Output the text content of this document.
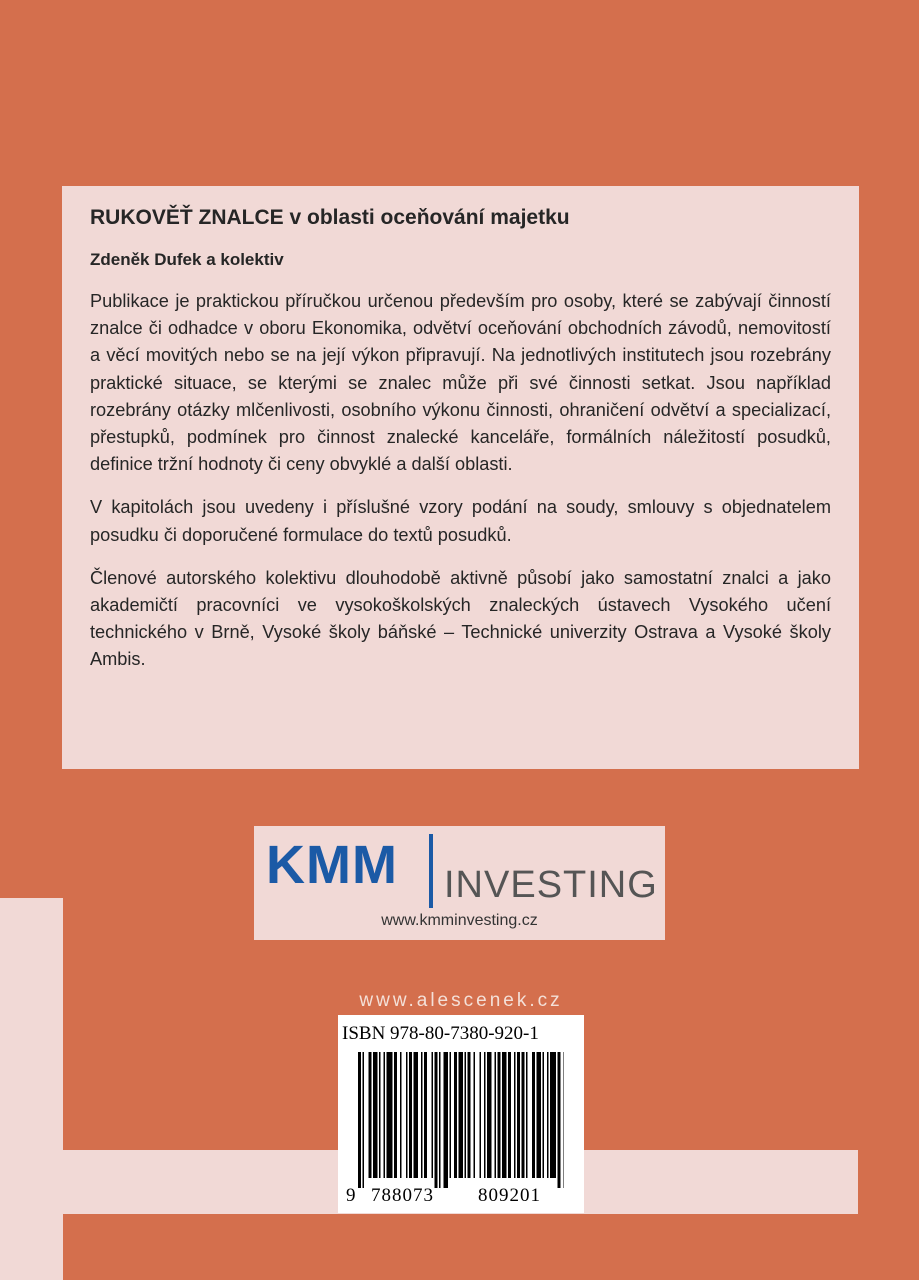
RUKOVĚŤ ZNALCE v oblasti oceňování majetku
Zdeněk Dufek a kolektiv

Publikace je praktickou příručkou určenou především pro osoby, které se zabývají činností znalce či odhadce v oboru Ekonomika, odvětví oceňování obchodních závodů, nemovitostí a věcí movitých nebo se na její výkon připravují. Na jednotlivých institutech jsou rozebrány praktické situace, se kterými se znalec může při své činnosti setkat. Jsou například rozebrány otázky mlčenlivosti, osobního výkonu činnosti, ohraničení odvětví a specializací, přestupků, podmínek pro činnost znalecké kanceláře, formálních náležitostí posudků, definice tržní hodnoty či ceny obvyklé a další oblasti.

V kapitolách jsou uvedeny i příslušné vzory podání na soudy, smlouvy s objednatelem posudku či doporučené formulace do textů posudků.

Členové autorského kolektivu dlouhodobě aktivně působí jako samostatní znalci a jako akademičtí pracovníci ve vysokoškolských znaleckých ústavech Vysokého učení technického v Brně, Vysoké školy báňské – Technické univerzity Ostrava a Vysoké školy Ambis.

KMM INVESTING
www.kmminvesting.cz
www.alescenek.cz
ISBN 978-80-7380-920-1
9 788073 809201
